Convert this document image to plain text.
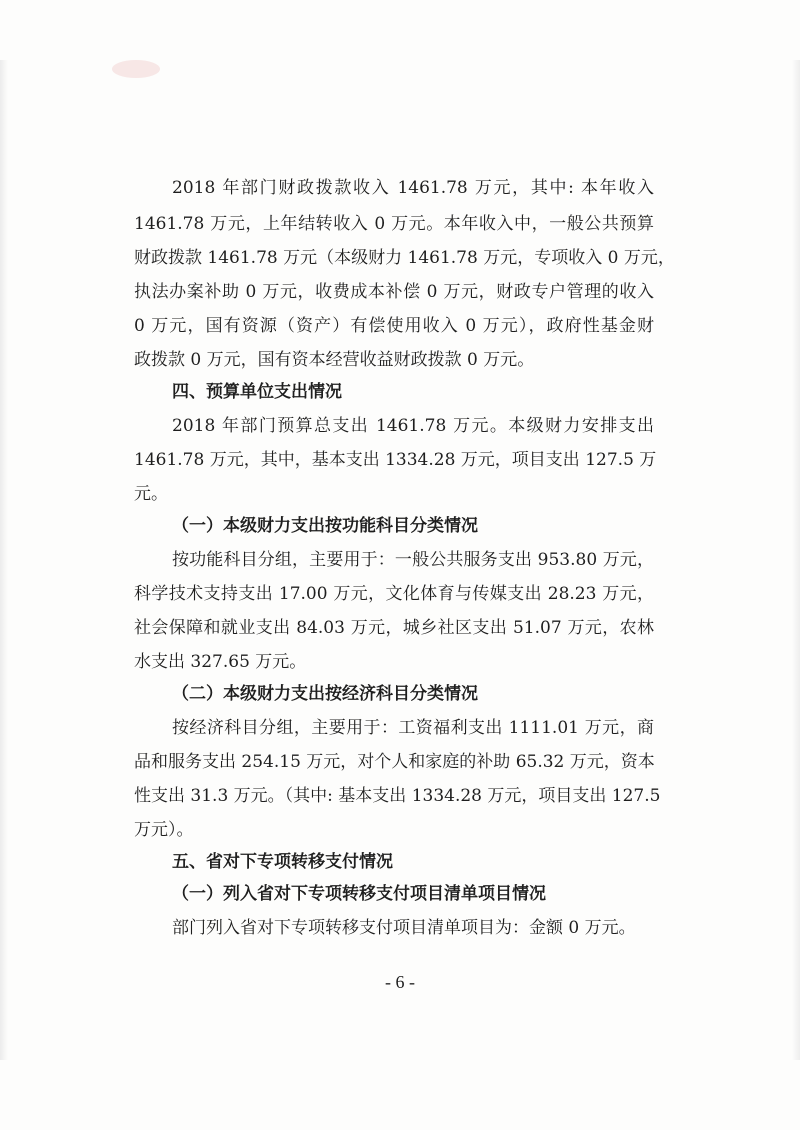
2018 年部门财政拨款收入 1461.78 万元，其中: 本年收入
1461.78 万元，上年结转收入 0 万元。本年收入中，一般公共预算
财政拨款 1461.78 万元（本级财力 1461.78 万元，专项收入 0 万元，
执法办案补助 0 万元，收费成本补偿 0 万元，财政专户管理的收入
0 万元，国有资源（资产）有偿使用收入 0 万元），政府性基金财
政拨款 0 万元，国有资本经营收益财政拨款 0 万元。
四、预算单位支出情况
2018 年部门预算总支出 1461.78 万元。本级财力安排支出
1461.78 万元，其中，基本支出 1334.28 万元，项目支出 127.5 万
元。
（一）本级财力支出按功能科目分类情况
按功能科目分组，主要用于：一般公共服务支出 953.80 万元，
科学技术支持支出 17.00 万元，文化体育与传媒支出 28.23 万元，
社会保障和就业支出 84.03 万元，城乡社区支出 51.07 万元，农林
水支出 327.65 万元。
（二）本级财力支出按经济科目分类情况
按经济科目分组，主要用于：工资福利支出 1111.01 万元，商
品和服务支出 254.15 万元，对个人和家庭的补助 65.32 万元，资本
性支出 31.3 万元。（其中: 基本支出 1334.28 万元，项目支出 127.5
万元）。
五、省对下专项转移支付情况
（一）列入省对下专项转移支付项目清单项目情况
部门列入省对下专项转移支付项目清单项目为：金额 0 万元。
- 6 -
